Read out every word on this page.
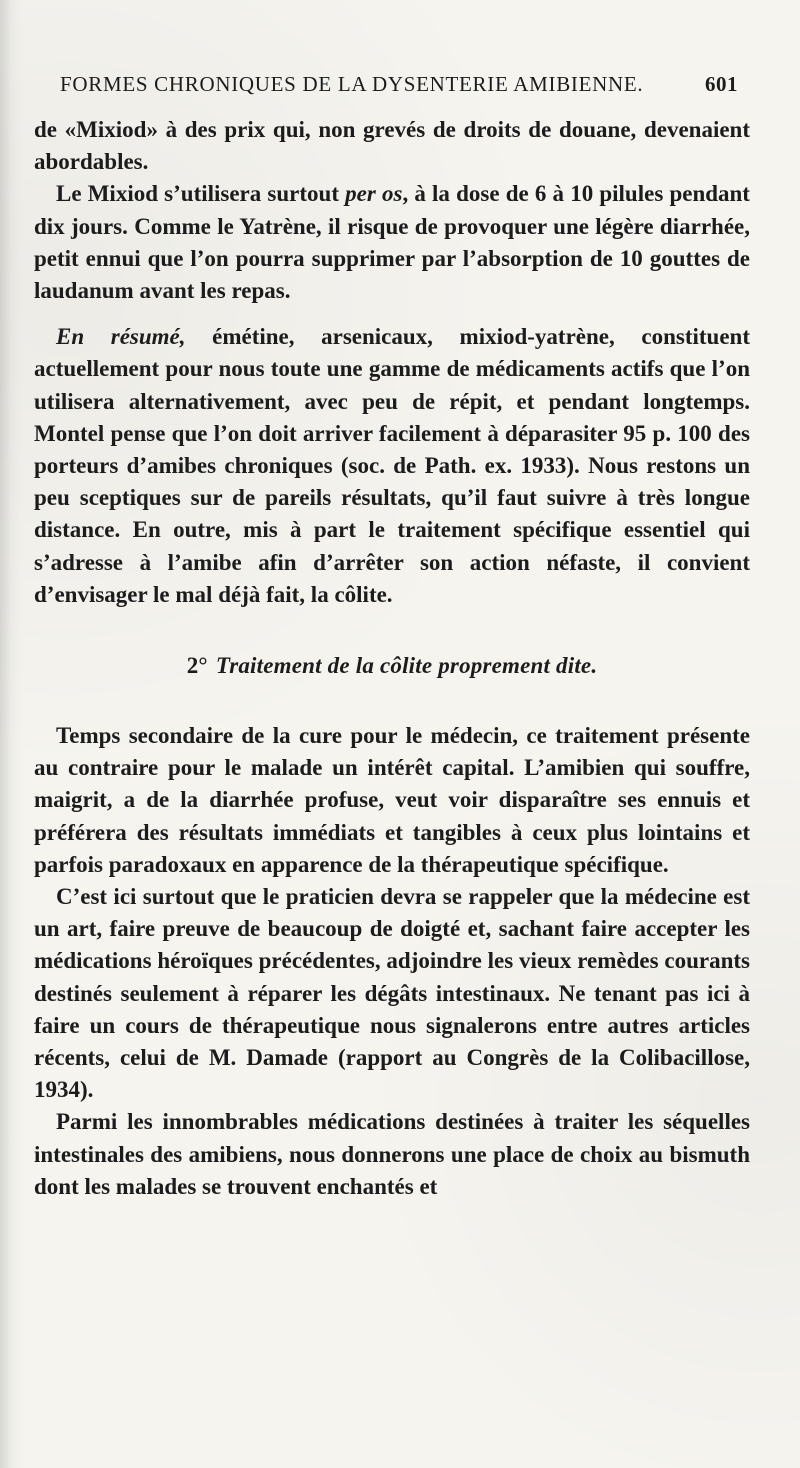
FORMES CHRONIQUES DE LA DYSENTERIE AMIBIENNE.	601

de «Mixiod» à des prix qui, non grevés de droits de douane, devenaient abordables.

Le Mixiod s’utilisera surtout per os, à la dose de 6 à 10 pilules pendant dix jours. Comme le Yatrène, il risque de provoquer une légère diarrhée, petit ennui que l’on pourra supprimer par l’absorption de 10 gouttes de laudanum avant les repas.

En résumé, émétine, arsenicaux, mixiod-yatrène, constituent actuellement pour nous toute une gamme de médicaments actifs que l’on utilisera alternativement, avec peu de répit, et pendant longtemps. Montel pense que l’on doit arriver facilement à déparasiter 95 p. 100 des porteurs d’amibes chroniques (soc. de Path. ex. 1933). Nous restons un peu sceptiques sur de pareils résultats, qu’il faut suivre à très longue distance. En outre, mis à part le traitement spécifique essentiel qui s’adresse à l’amibe afin d’arrêter son action néfaste, il convient d’envisager le mal déjà fait, la côlite.

2° Traitement de la côlite proprement dite.

Temps secondaire de la cure pour le médecin, ce traitement présente au contraire pour le malade un intérêt capital. L’amibien qui souffre, maigrit, a de la diarrhée profuse, veut voir disparaître ses ennuis et préférera des résultats immédiats et tangibles à ceux plus lointains et parfois paradoxaux en apparence de la thérapeutique spécifique.

C’est ici surtout que le praticien devra se rappeler que la médecine est un art, faire preuve de beaucoup de doigté et, sachant faire accepter les médications héroïques précédentes, adjoindre les vieux remèdes courants destinés seulement à réparer les dégâts intestinaux. Ne tenant pas ici à faire un cours de thérapeutique nous signalerons entre autres articles récents, celui de M. Damade (rapport au Congrès de la Colibacillose, 1934).

Parmi les innombrables médications destinées à traiter les séquelles intestinales des amibiens, nous donnerons une place de choix au bismuth dont les malades se trouvent enchantés et
